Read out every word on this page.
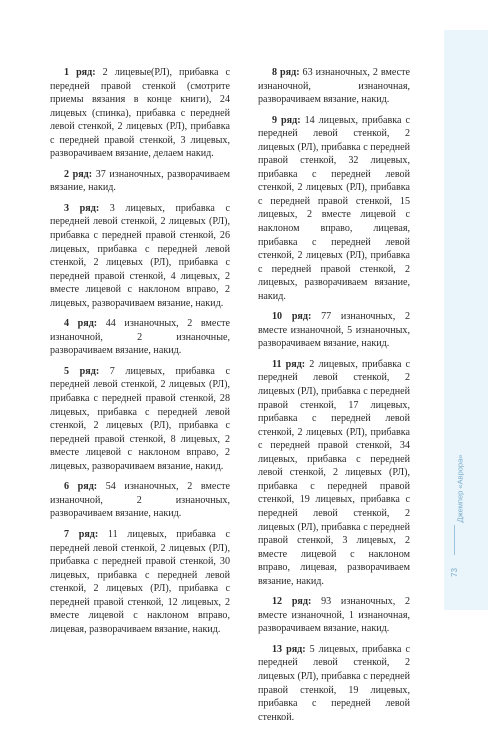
1 ряд: 2 лицевые(РЛ), прибавка с передней правой стенкой (смотрите приемы вязания в конце книги), 24 лицевых (спинка), прибавка с передней левой стенкой, 2 лицевых (РЛ), прибавка с передней правой стенкой, 3 лицевых, разворачиваем вязание, делаем накид.

2 ряд: 37 изнаночных, разворачиваем вязание, накид.

3 ряд: 3 лицевых, прибавка с передней левой стенкой, 2 лицевых (РЛ), прибавка с передней правой стенкой, 26 лицевых, прибавка с передней левой стенкой, 2 лицевых (РЛ), прибавка с передней правой стенкой, 4 лицевых, 2 вместе лицевой с наклоном вправо, 2 лицевых, разворачиваем вязание, накид.

4 ряд: 44 изнаночных, 2 вместе изнаночной, 2 изнаночные, разворачиваем вязание, накид.

5 ряд: 7 лицевых, прибавка с передней левой стенкой, 2 лицевых (РЛ), прибавка с передней правой стенкой, 28 лицевых, прибавка с передней левой стенкой, 2 лицевых (РЛ), прибавка с передней правой стенкой, 8 лицевых, 2 вместе лицевой с наклоном вправо, 2 лицевых, разворачиваем вязание, накид.

6 ряд: 54 изнаночных, 2 вместе изнаночной, 2 изнаночных, разворачиваем вязание, накид.

7 ряд: 11 лицевых, прибавка с передней левой стенкой, 2 лицевых (РЛ), прибавка с передней правой стенкой, 30 лицевых, прибавка с передней левой стенкой, 2 лицевых (РЛ), прибавка с передней правой стенкой, 12 лицевых, 2 вместе лицевой с наклоном вправо, лицевая, разворачиваем вязание, накид.

8 ряд: 63 изнаночных, 2 вместе изнаночной, изнаночная, разворачиваем вязание, накид.

9 ряд: 14 лицевых, прибавка с передней левой стенкой, 2 лицевых (РЛ), прибавка с передней правой стенкой, 32 лицевых, прибавка с передней левой стенкой, 2 лицевых (РЛ), прибавка с передней правой стенкой, 15 лицевых, 2 вместе лицевой с наклоном вправо, лицевая, прибавка с передней левой стенкой, 2 лицевых (РЛ), прибавка с передней правой стенкой, 2 лицевых, разворачиваем вязание, накид.

10 ряд: 77 изнаночных, 2 вместе изнаночной, 5 изнаночных, разворачиваем вязание, накид.

11 ряд: 2 лицевых, прибавка с передней левой стенкой, 2 лицевых (РЛ), прибавка с передней правой стенкой, 17 лицевых, прибавка с передней левой стенкой, 2 лицевых (РЛ), прибавка с передней правой стенкой, 34 лицевых, прибавка с передней левой стенкой, 2 лицевых (РЛ), прибавка с передней правой стенкой, 19 лицевых, прибавка с передней левой стенкой, 2 лицевых (РЛ), прибавка с передней правой стенкой, 3 лицевых, 2 вместе лицевой с наклоном вправо, лицевая, разворачиваем вязание, накид.

12 ряд: 93 изнаночных, 2 вместе изнаночной, 1 изнаночная, разворачиваем вязание, накид.

13 ряд: 5 лицевых, прибавка с передней левой стенкой, 2 лицевых (РЛ), прибавка с передней правой стенкой, 19 лицевых, прибавка с передней левой стенкой.

Джемпер «Аврора»
73
